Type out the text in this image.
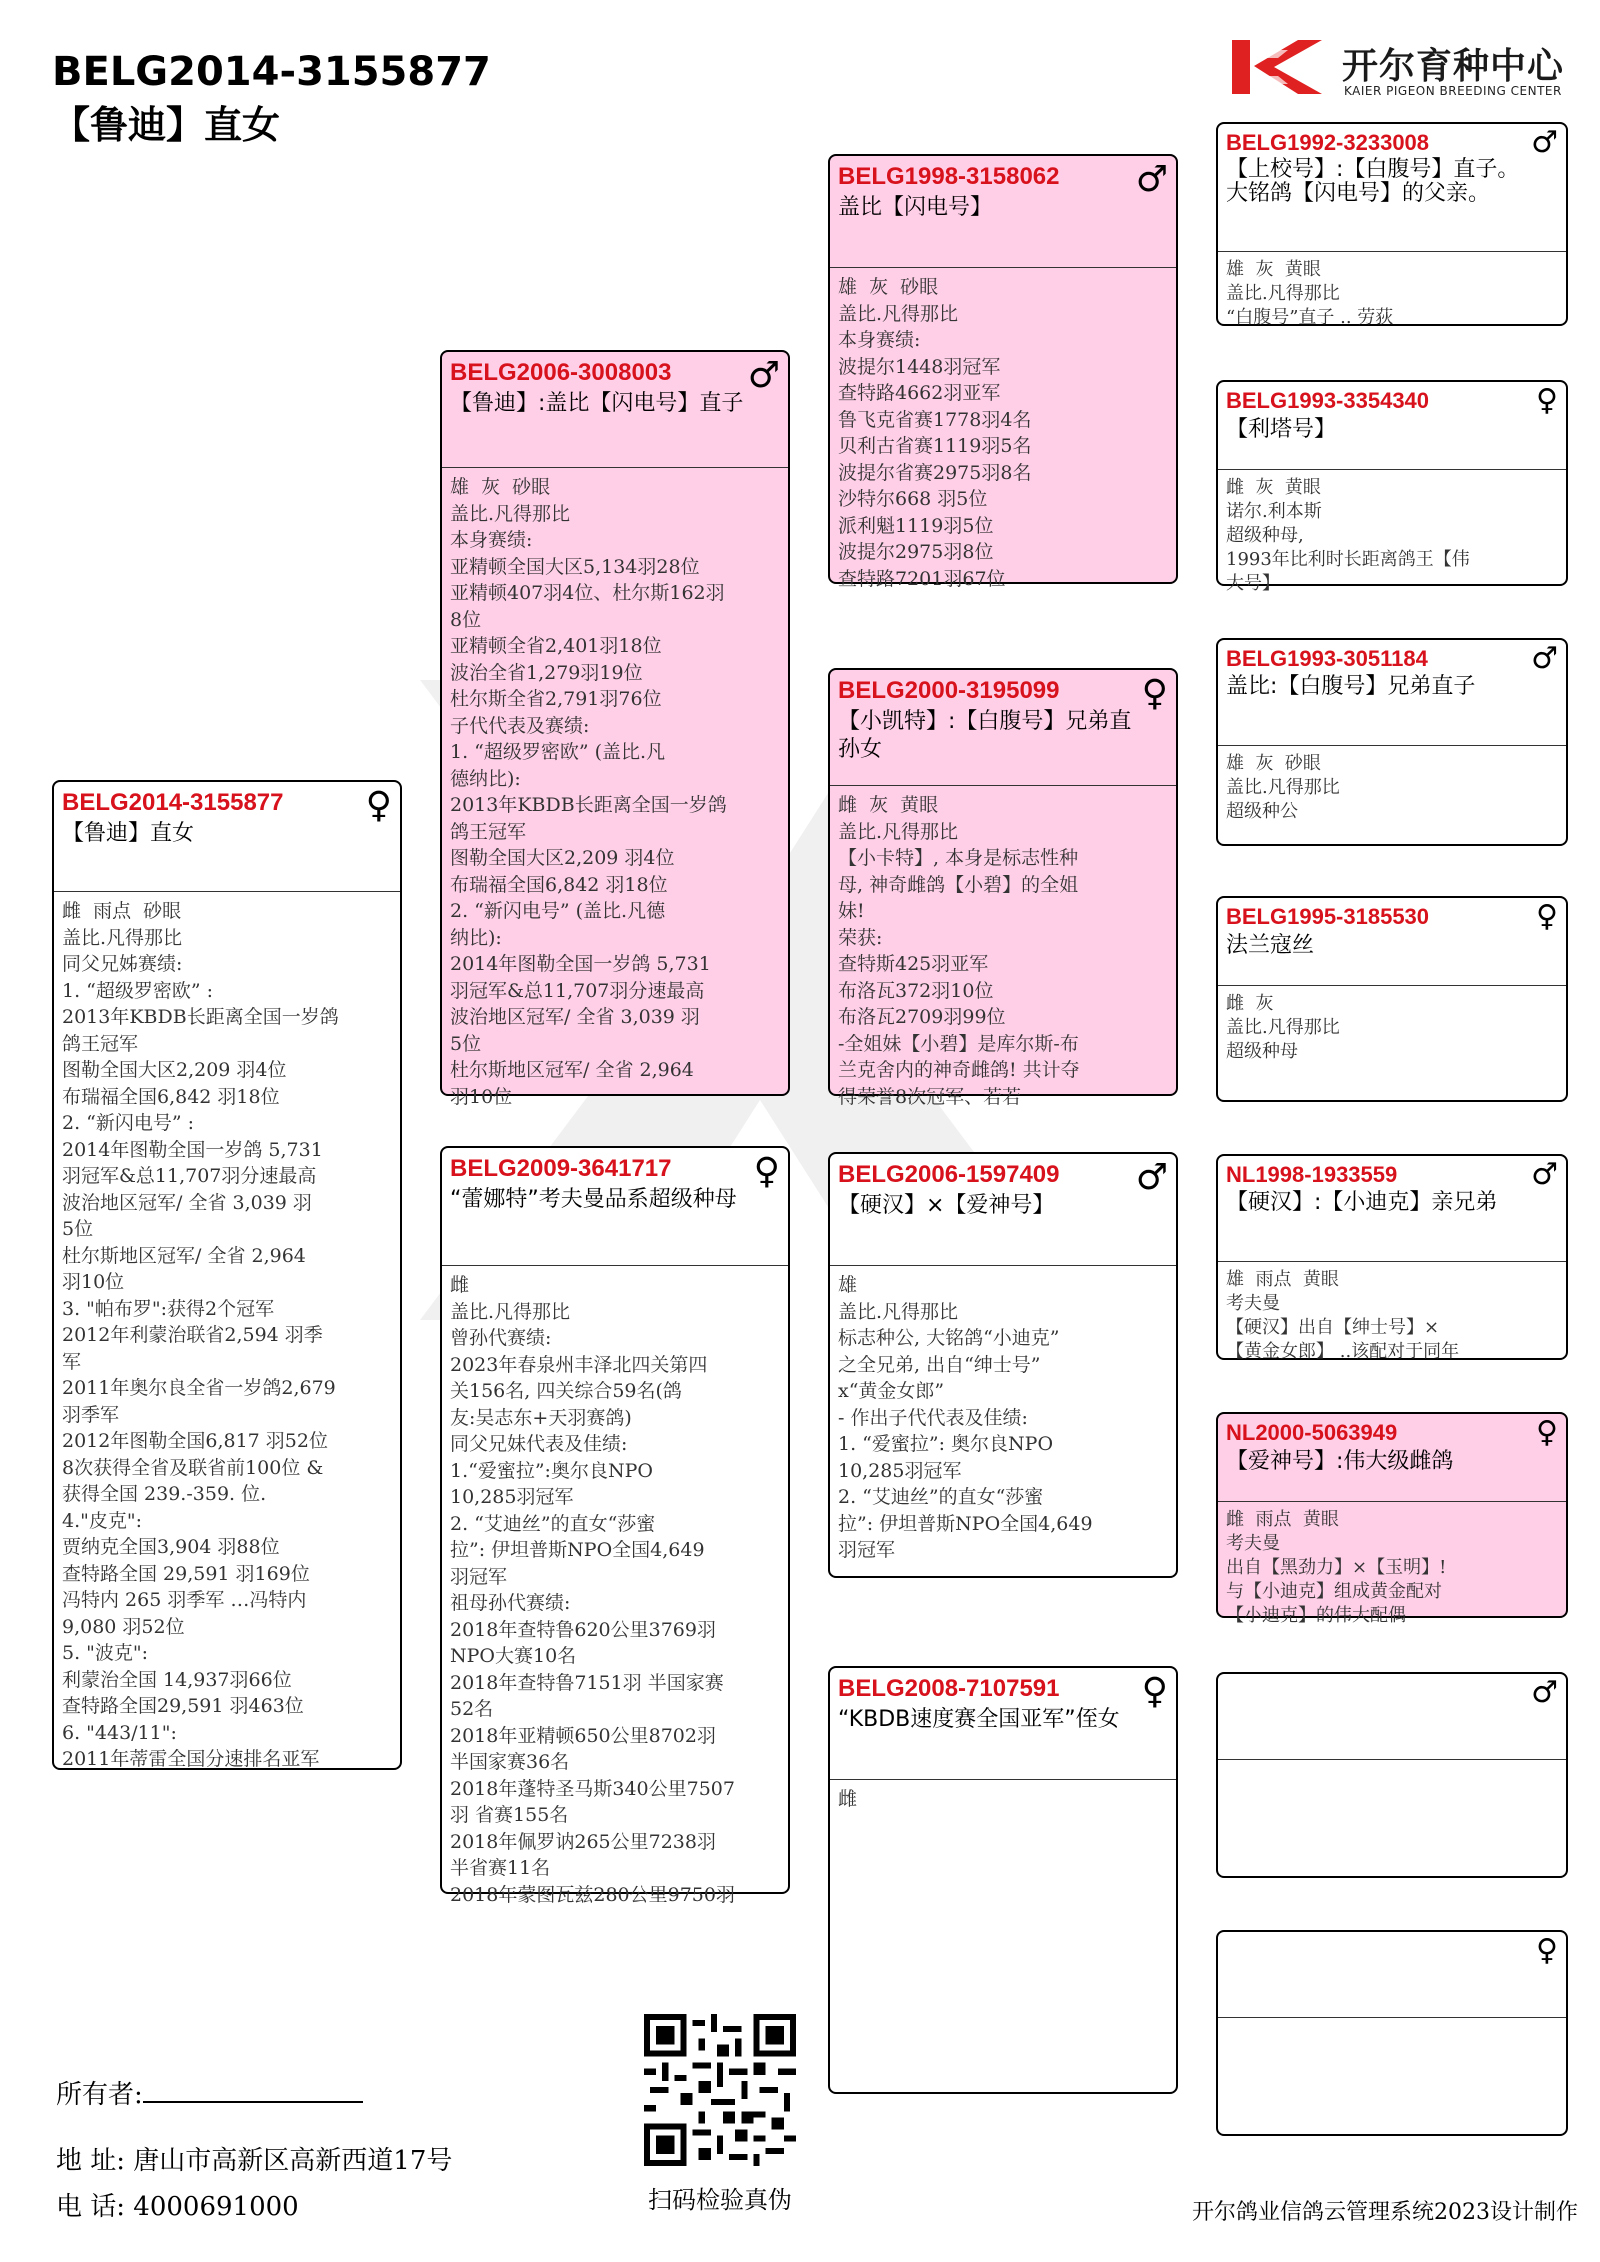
BELG2014-3155877
【鲁迪】直女
开尔育种中心
KAIER PIGEON BREEDING CENTER
BELG2014-3155877
【鲁迪】直女
♀
雌  雨点  砂眼
盖比.凡得那比
同父兄姊赛绩:
1. “超级罗密欧” :
2013年KBDB长距离全国一岁鸽
鸽王冠军
图勒全国大区2,209 羽4位
布瑞福全国6,842 羽18位
2. “新闪电号” :
2014年图勒全国一岁鸽 5,731
羽冠军&总11,707羽分速最高
波治地区冠军/ 全省 3,039 羽
5位
杜尔斯地区冠军/ 全省 2,964
羽10位
3. "帕布罗":获得2个冠军
2012年利蒙治联省2,594 羽季
军
2011年奥尔良全省一岁鸽2,679
羽季军
2012年图勒全国6,817 羽52位
8次获得全省及联省前100位 &
获得全国 239.-359. 位.
4."皮克":
贾纳克全国3,904 羽88位
查特路全国 29,591 羽169位
冯特内 265 羽季军 …冯特内
9,080 羽52位
5. "波克":
利蒙治全国 14,937羽66位
查特路全国29,591 羽463位
6. "443/11":
2011年蒂雷全国分速排名亚军
BELG2006-3008003
【鲁迪】:盖比【闪电号】直子
♂
雄  灰  砂眼
盖比.凡得那比
本身赛绩:
亚精顿全国大区5,134羽28位
亚精顿407羽4位、杜尔斯162羽
8位
亚精顿全省2,401羽18位
波治全省1,279羽19位
杜尔斯全省2,791羽76位
子代代表及赛绩:
1. “超级罗密欧” (盖比.凡
德纳比):
2013年KBDB长距离全国一岁鸽
鸽王冠军
图勒全国大区2,209 羽4位
布瑞福全国6,842 羽18位
2. “新闪电号” (盖比.凡德
纳比):
2014年图勒全国一岁鸽 5,731
羽冠军&总11,707羽分速最高
波治地区冠军/ 全省 3,039 羽
5位
杜尔斯地区冠军/ 全省 2,964
羽10位
BELG2009-3641717
“蕾娜特”考夫曼品系超级种母
♀
雌
盖比.凡得那比
曾孙代赛绩:
2023年春泉州丰泽北四关第四
关156名, 四关综合59名(鸽
友:吴志东+天羽赛鸽)
同父兄妹代表及佳绩:
1.“爱蜜拉”:奥尔良NPO
10,285羽冠军
2. “艾迪丝”的直女“莎蜜
拉”: 伊坦普斯NPO全国4,649
羽冠军
祖母孙代赛绩:
2018年查特鲁620公里3769羽
NPO大赛10名
2018年查特鲁7151羽 半国家赛
52名
2018年亚精顿650公里8702羽
半国家赛36名
2018年蓬特圣马斯340公里7507
羽 省赛155名
2018年佩罗讷265公里7238羽
半省赛11名
2018年蒙图瓦兹280公里9750羽
BELG1998-3158062
盖比【闪电号】
♂
雄  灰  砂眼
盖比.凡得那比
本身赛绩:
波提尔1448羽冠军
查特路4662羽亚军
鲁飞克省赛1778羽4名
贝利古省赛1119羽5名
波提尔省赛2975羽8名
沙特尔668 羽5位
派利魁1119羽5位
波提尔2975羽8位
查特路7201羽67位
BELG2000-3195099
【小凯特】:【白腹号】兄弟直孙女
♀
雌  灰  黄眼
盖比.凡得那比
【小卡特】, 本身是标志性种
母, 神奇雌鸽【小碧】的全姐
妹!
荣获:
查特斯425羽亚军
布洛瓦372羽10位
布洛瓦2709羽99位
-全姐妹【小碧】是库尔斯-布
兰克舍内的神奇雌鸽! 共计夺
得荣誉8次冠军、若若
BELG2006-1597409
【硬汉】×【爱神号】
♂
雄
盖比.凡得那比
标志种公, 大铭鸽“小迪克”
之全兄弟, 出自“绅士号”
x“黄金女郎”
- 作出子代代表及佳绩:
1. “爱蜜拉”: 奥尔良NPO
10,285羽冠军
2. “艾迪丝”的直女“莎蜜
拉”: 伊坦普斯NPO全国4,649
羽冠军
BELG2008-7107591
“KBDB速度赛全国亚军”侄女
♀
雌
BELG1992-3233008
【上校号】:【白腹号】直子。大铭鸽【闪电号】的父亲。
♂
雄  灰  黄眼
盖比.凡得那比
“白腹号”直子 .. 劳荻
BELG1993-3354340
【利塔号】
♀
雌  灰  黄眼
诺尔.利本斯
超级种母,
1993年比利时长距离鸽王【伟
大号】
BELG1993-3051184
盖比:【白腹号】兄弟直子
♂
雄  灰  砂眼
盖比.凡得那比
超级种公
BELG1995-3185530
法兰寇丝
♀
雌  灰
盖比.凡得那比
超级种母
NL1998-1933559
【硬汉】:【小迪克】亲兄弟
♂
雄  雨点  黄眼
考夫曼
【硬汉】出自【绅士号】×
【黄金女郎】 ..该配对于同年
NL2000-5063949
【爱神号】:伟大级雌鸽
♀
雌  雨点  黄眼
考夫曼
出自【黑劲力】×【玉明】!
与【小迪克】组成黄金配对
【小迪克】的伟大配偶
♂
♀
所有者:
地 址: 唐山市高新区高新西道17号
电 话: 4000691000	扫码检验真伪	开尔鸽业信鸽云管理系统2023设计制作
